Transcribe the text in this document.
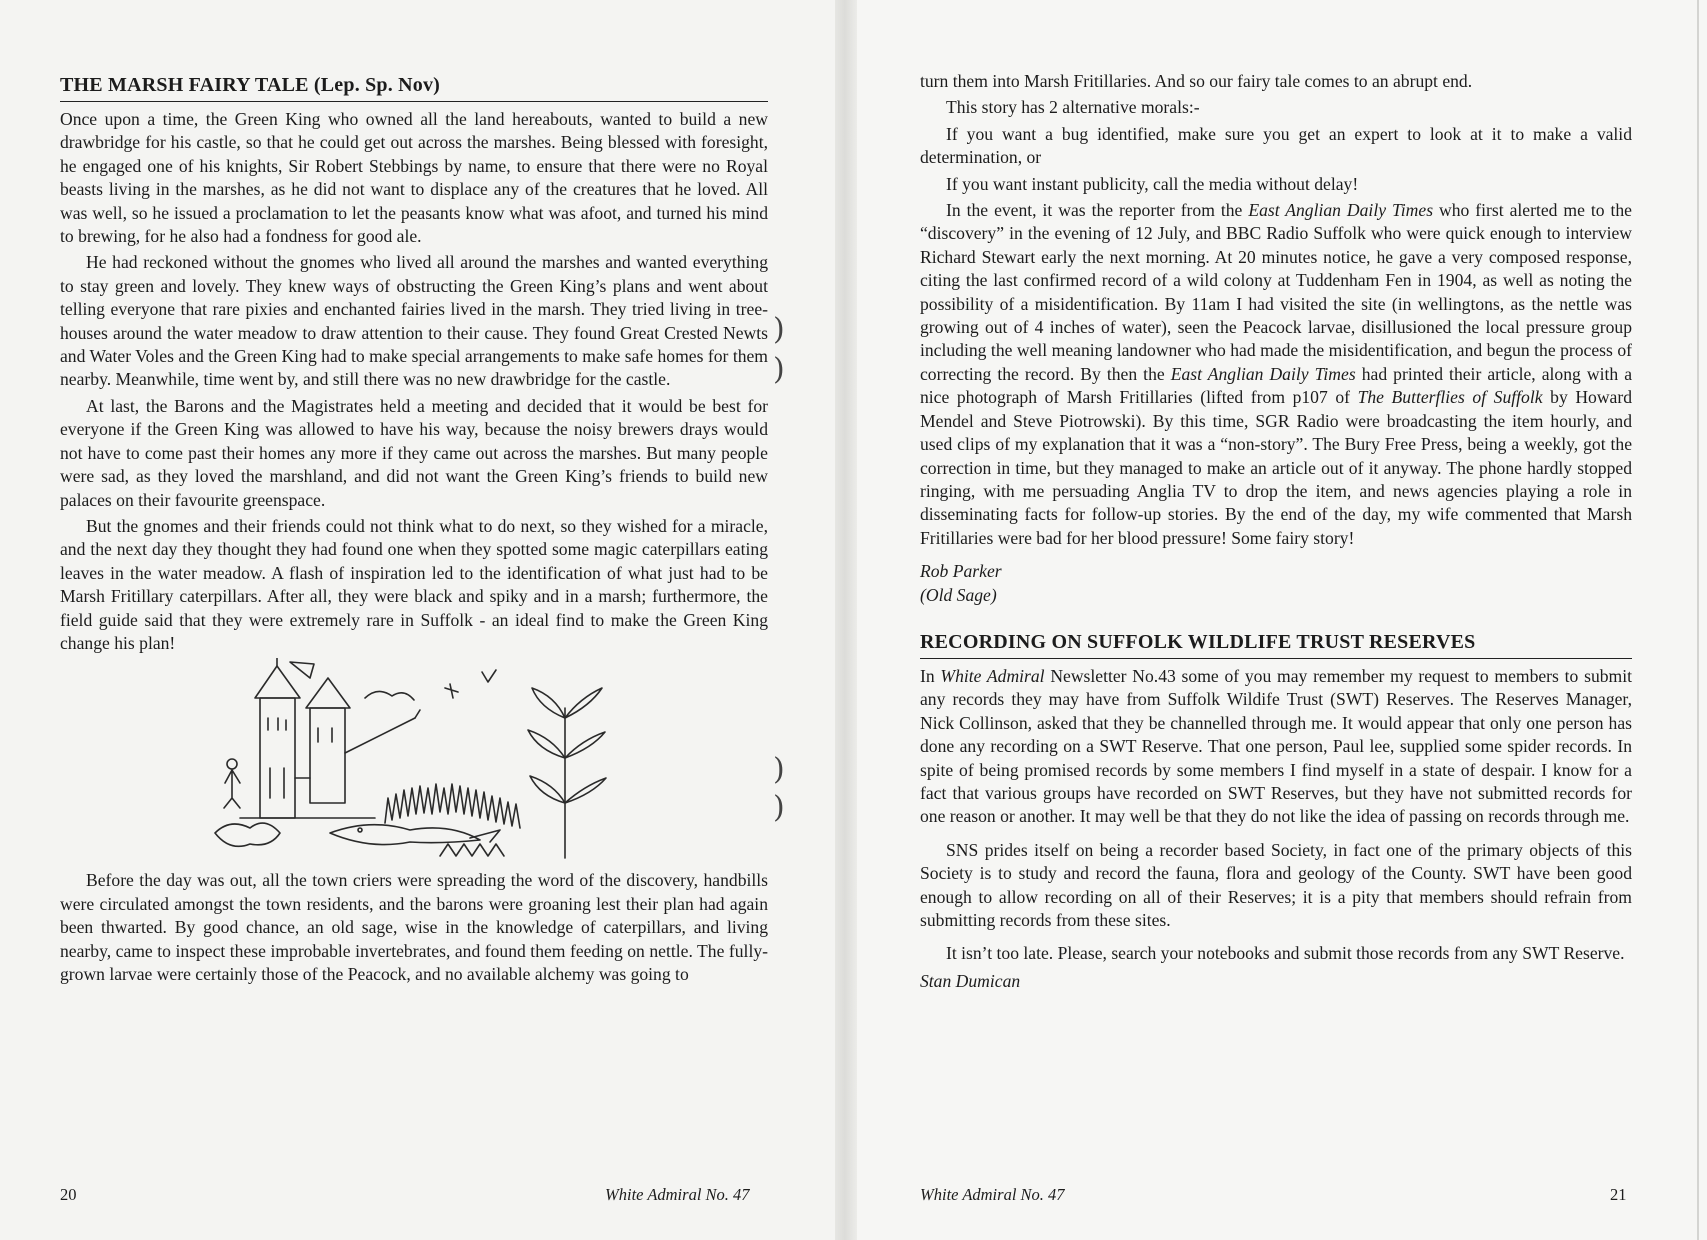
)
)
)
)
THE MARSH FAIRY TALE (Lep. Sp. Nov)

Once upon a time, the Green King who owned all the land hereabouts, wanted to build a new drawbridge for his castle, so that he could get out across the marshes. Being blessed with foresight, he engaged one of his knights, Sir Robert Stebbings by name, to ensure that there were no Royal beasts living in the marshes, as he did not want to displace any of the creatures that he loved. All was well, so he issued a proclamation to let the peasants know what was afoot, and turned his mind to brewing, for he also had a fondness for good ale.

He had reckoned without the gnomes who lived all around the marshes and wanted everything to stay green and lovely. They knew ways of obstructing the Green King’s plans and went about telling everyone that rare pixies and enchanted fairies lived in the marsh. They tried living in tree-houses around the water meadow to draw attention to their cause. They found Great Crested Newts and Water Voles and the Green King had to make special arrangements to make safe homes for them nearby. Meanwhile, time went by, and still there was no new drawbridge for the castle.

At last, the Barons and the Magistrates held a meeting and decided that it would be best for everyone if the Green King was allowed to have his way, because the noisy brewers drays would not have to come past their homes any more if they came out across the marshes. But many people were sad, as they loved the marshland, and did not want the Green King’s friends to build new palaces on their favourite greenspace.

But the gnomes and their friends could not think what to do next, so they wished for a miracle, and the next day they thought they had found one when they spotted some magic caterpillars eating leaves in the water meadow. A flash of inspiration led to the identification of what just had to be Marsh Fritillary caterpillars. After all, they were black and spiky and in a marsh; furthermore, the field guide said that they were extremely rare in Suffolk - an ideal find to make the Green King change his plan!

Before the day was out, all the town criers were spreading the word of the discovery, handbills were circulated amongst the town residents, and the barons were groaning lest their plan had again been thwarted. By good chance, an old sage, wise in the knowledge of caterpillars, and living nearby, came to inspect these improbable invertebrates, and found them feeding on nettle. The fully-grown larvae were certainly those of the Peacock, and no available alchemy was going to

20	White Admiral No. 47

turn them into Marsh Fritillaries. And so our fairy tale comes to an abrupt end.

This story has 2 alternative morals:-

If you want a bug identified, make sure you get an expert to look at it to make a valid determination, or

If you want instant publicity, call the media without delay!

In the event, it was the reporter from the East Anglian Daily Times who first alerted me to the “discovery” in the evening of 12 July, and BBC Radio Suffolk who were quick enough to interview Richard Stewart early the next morning. At 20 minutes notice, he gave a very composed response, citing the last confirmed record of a wild colony at Tuddenham Fen in 1904, as well as noting the possibility of a misidentification. By 11am I had visited the site (in wellingtons, as the nettle was growing out of 4 inches of water), seen the Peacock larvae, disillusioned the local pressure group including the well meaning landowner who had made the misidentification, and begun the process of correcting the record. By then the East Anglian Daily Times had printed their article, along with a nice photograph of Marsh Fritillaries (lifted from p107 of The Butterflies of Suffolk by Howard Mendel and Steve Piotrowski). By this time, SGR Radio were broadcasting the item hourly, and used clips of my explanation that it was a “non-story”. The Bury Free Press, being a weekly, got the correction in time, but they managed to make an article out of it anyway. The phone hardly stopped ringing, with me persuading Anglia TV to drop the item, and news agencies playing a role in disseminating facts for follow-up stories. By the end of the day, my wife commented that Marsh Fritillaries were bad for her blood pressure! Some fairy story!

Rob Parker
(Old Sage)
RECORDING ON SUFFOLK WILDLIFE TRUST RESERVES

In White Admiral Newsletter No.43 some of you may remember my request to members to submit any records they may have from Suffolk Wildife Trust (SWT) Reserves. The Reserves Manager, Nick Collinson, asked that they be channelled through me. It would appear that only one person has done any recording on a SWT Reserve. That one person, Paul lee, supplied some spider records. In spite of being promised records by some members I find myself in a state of despair. I know for a fact that various groups have recorded on SWT Reserves, but they have not submitted records for one reason or another. It may well be that they do not like the idea of passing on records through me.

SNS prides itself on being a recorder based Society, in fact one of the primary objects of this Society is to study and record the fauna, flora and geology of the County. SWT have been good enough to allow recording on all of their Reserves; it is a pity that members should refrain from submitting records from these sites.

It isn’t too late. Please, search your notebooks and submit those records from any SWT Reserve.

Stan Dumican
White Admiral No. 47	21
